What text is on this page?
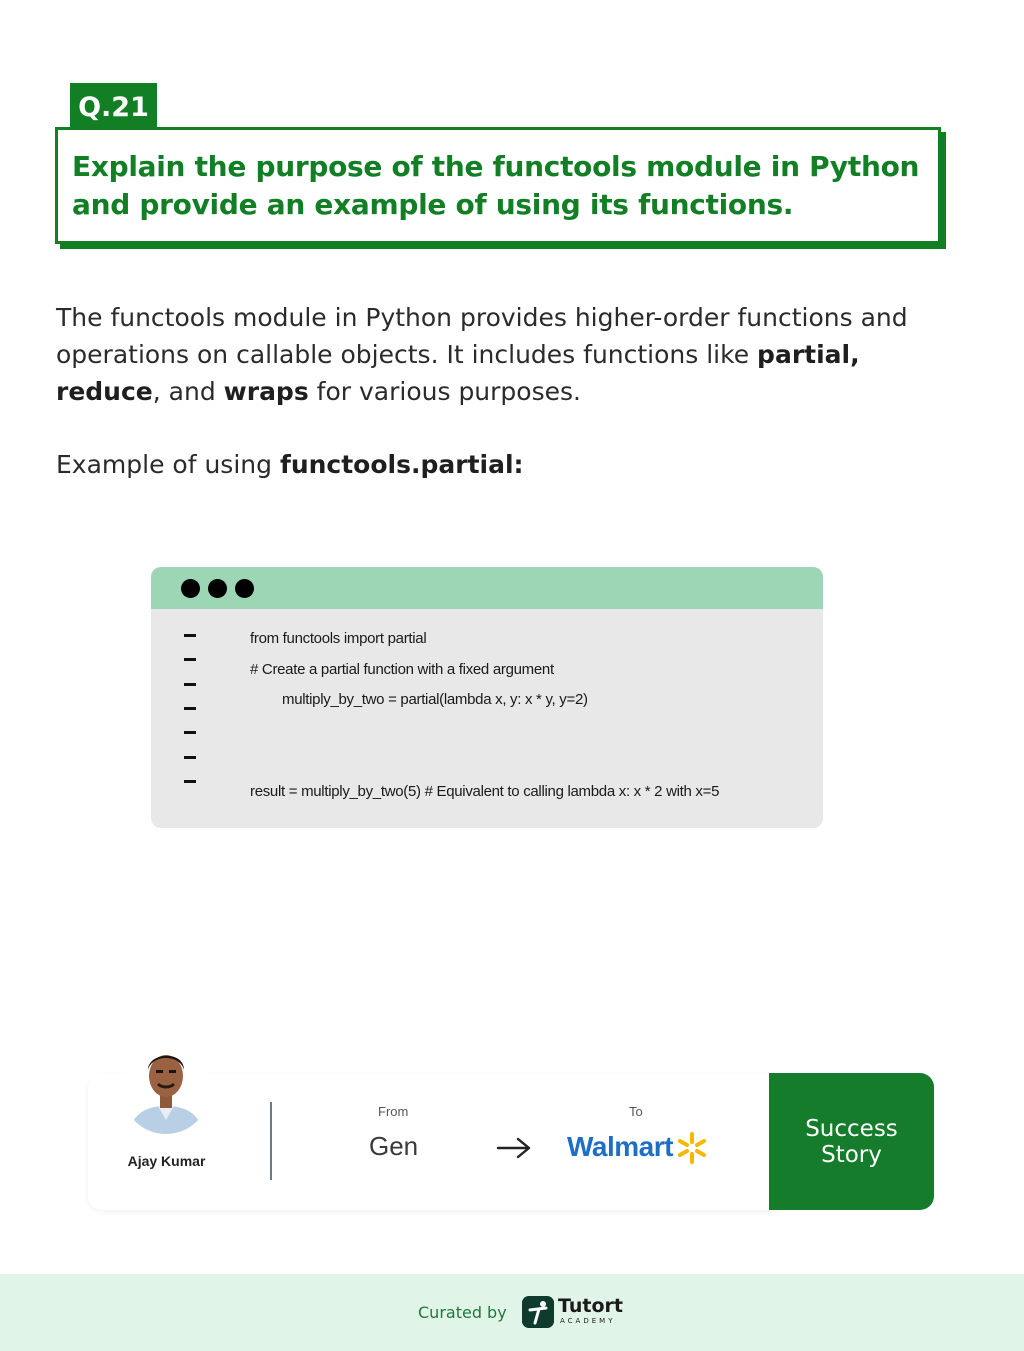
Q.21

Explain the purpose of the functools module in Python and provide an example of using its functions.

The functools module in Python provides higher-order functions and operations on callable objects. It includes functions like partial, reduce, and wraps for various purposes.

Example of using functools.partial:

from functools import partial
# Create a partial function with a fixed argument
multiply_by_two = partial(lambda x, y: x * y, y=2)
result = multiply_by_two(5) # Equivalent to calling lambda x: x * 2 with x=5
Ajay Kumar
From
Gen
To
Walmart
Success
Story
Curated by	Tutort
ACADEMY
